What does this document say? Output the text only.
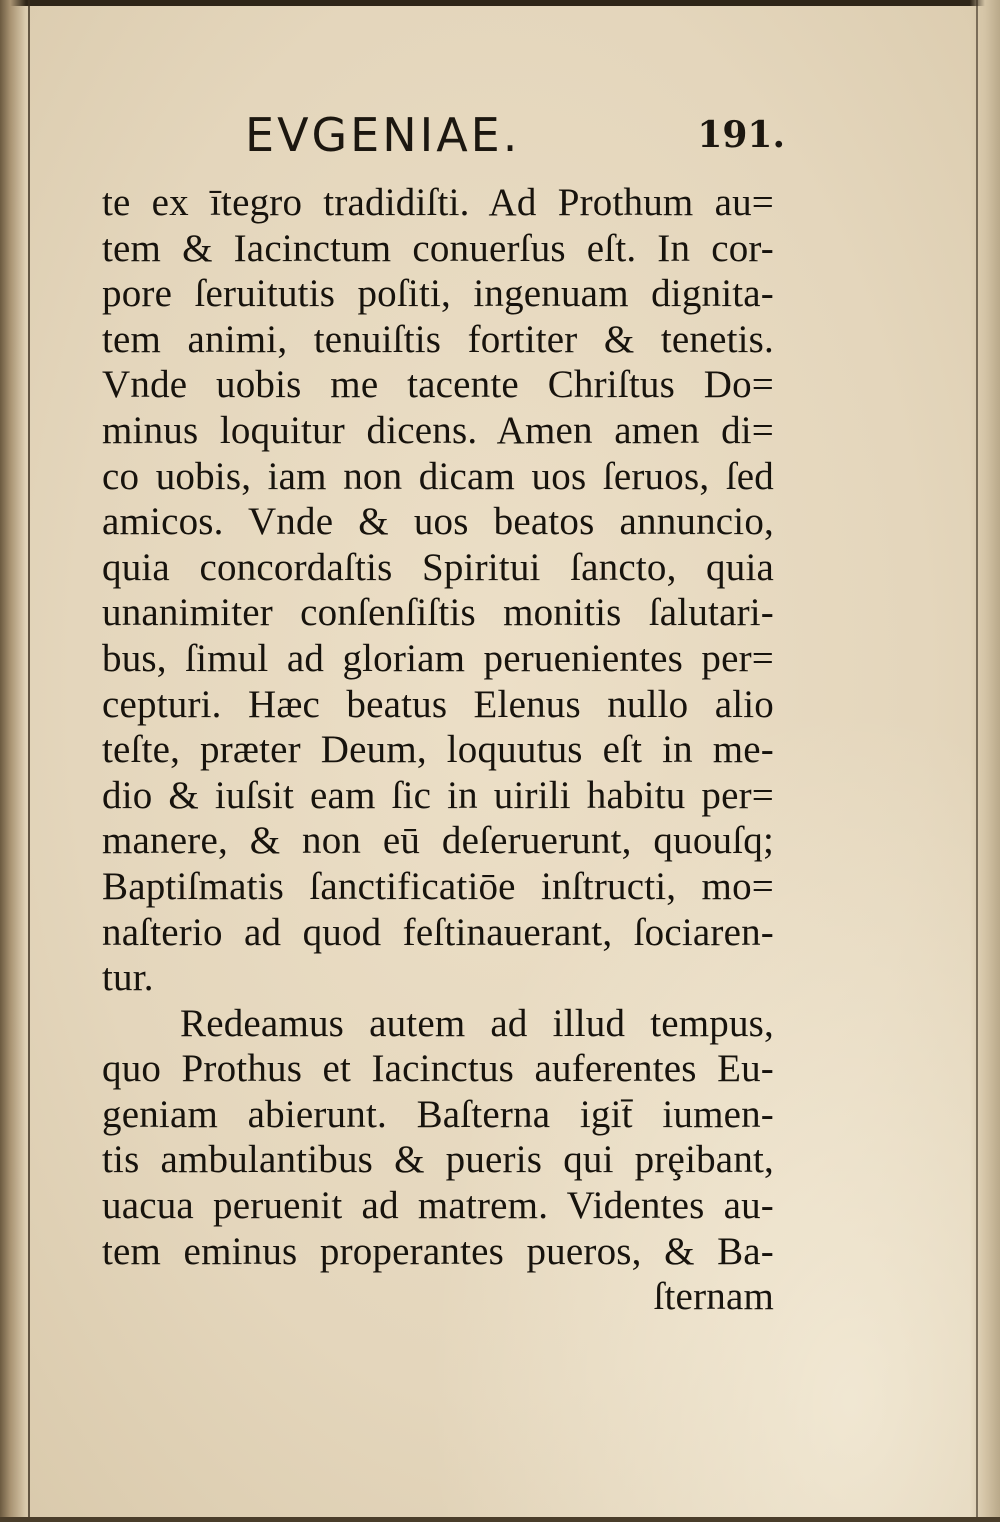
EVGENIAE.	191.
te ex ītegro tradidiſti. Ad Prothum au=
tem & Iacinctum conuerſus eſt. In cor-
pore ſeruitutis poſiti, ingenuam dignita-
tem animi, tenuiſtis fortiter & tenetis.
Vnde uobis me tacente Chriſtus Do=
minus loquitur dicens. Amen amen di=
co uobis, iam non dicam uos ſeruos, ſed
amicos. Vnde & uos beatos annuncio,
quia concordaſtis Spiritui ſancto, quia
unanimiter conſenſiſtis monitis ſalutari-
bus, ſimul ad gloriam peruenientes per=
cepturi. Hæc beatus Elenus nullo alio
teſte, præter Deum, loquutus eſt in me-
dio & iuſsit eam ſic in uirili habitu per=
manere, & non eū deſeruerunt, quouſq;
Baptiſmatis ſanctificatiōe inſtructi, mo=
naſterio ad quod feſtinauerant, ſociaren-
tur.
Redeamus autem ad illud tempus,
quo Prothus et Iacinctus auferentes Eu-
geniam abierunt. Baſterna igit̄ iumen-
tis ambulantibus & pueris qui prȩibant,
uacua peruenit ad matrem. Videntes au-
tem eminus properantes pueros, & Ba-
ſternam
